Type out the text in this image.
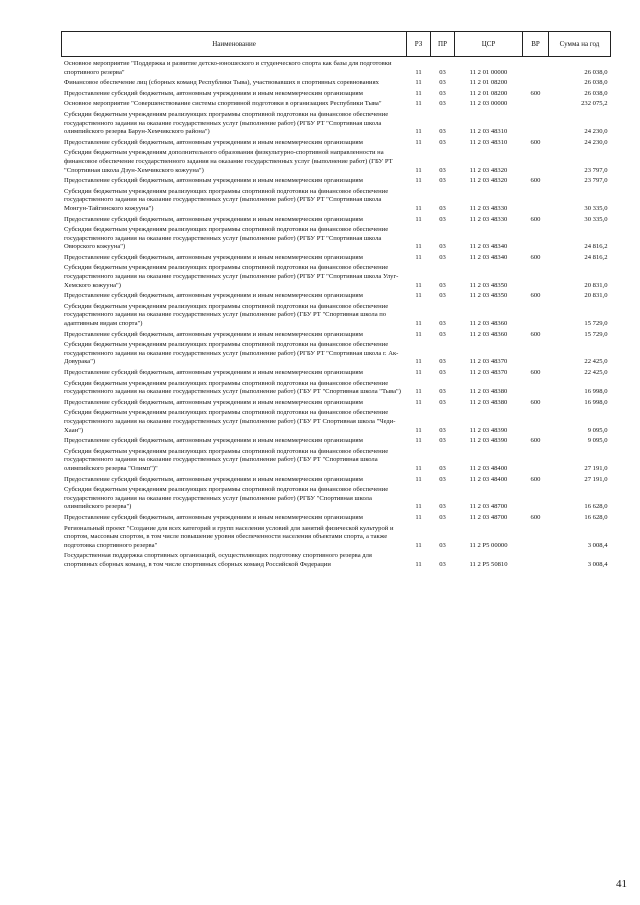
Наименование	РЗ	ПР	ЦСР	ВР	Сумма на год
Основное мероприятие "Поддержка и развитие детско-юношеского и студенческого спорта как базы для подготовки спортивного резерва"	11	03	11 2 01 00000		26 038,0
Финансовое обеспечение лиц (сборных команд Республики Тыва), участвовавших в спортивных соревнованиях	11	03	11 2 01 08200		26 038,0
Предоставление субсидий бюджетным, автономным учреждениям и иным некоммерческим организациям	11	03	11 2 01 08200	600	26 038,0
Основное мероприятие "Совершенствование системы спортивной подготовки в организациях Республики Тыва"	11	03	11 2 03 00000		232 075,2
Субсидии бюджетным учреждениям реализующих программы спортивной подготовки на финансовое обеспечение государственного задания на оказание государственных услуг (выполнение работ) (РГБУ РТ "Спортивная школа олимпийского резерва Барун-Хемчикского района")	11	03	11 2 03 48310		24 230,0
Предоставление субсидий бюджетным, автономным учреждениям и иным некоммерческим организациям	11	03	11 2 03 48310	600	24 230,0
Субсидии бюджетным учреждениям дополнительного образования физкультурно-спортивной направленности на финансовое обеспечение государственного задания на оказание государственных услуг (выполнение работ) (ГБУ РТ "Спортивная школа Дзун-Хемчикского кожууна")	11	03	11 2 03 48320		23 797,0
Предоставление субсидий бюджетным, автономным учреждениям и иным некоммерческим организациям	11	03	11 2 03 48320	600	23 797,0
Субсидии бюджетным учреждениям реализующих программы спортивной подготовки на финансовое обеспечение государственного задания на оказание государственных услуг (выполнение работ) (РГБУ РТ "Спортивная школа Монгун-Тайгинского кожууна")	11	03	11 2 03 48330		30 335,0
Предоставление субсидий бюджетным, автономным учреждениям и иным некоммерческим организациям	11	03	11 2 03 48330	600	30 335,0
Субсидии бюджетным учреждениям реализующих программы спортивной подготовки на финансовое обеспечение государственного задания на оказание государственных услуг (выполнение работ) (РГБУ РТ "Спортивная школа Овюрского кожууна")	11	03	11 2 03 48340		24 816,2
Предоставление субсидий бюджетным, автономным учреждениям и иным некоммерческим организациям	11	03	11 2 03 48340	600	24 816,2
Субсидии бюджетным учреждениям реализующих программы спортивной подготовки на финансовое обеспечение государственного задания на оказание государственных услуг (выполнение работ) (РГБУ РТ "Спортивная школа Улуг-Хемского кожууна")	11	03	11 2 03 48350		20 831,0
Предоставление субсидий бюджетным, автономным учреждениям и иным некоммерческим организациям	11	03	11 2 03 48350	600	20 831,0
Субсидии бюджетным учреждениям реализующих программы спортивной подготовки на финансовое обеспечение государственного задания на оказание государственных услуг (выполнение работ) (ГБУ РТ "Спортивная школа по адаптивным видам спорта")	11	03	11 2 03 48360		15 729,0
Предоставление субсидий бюджетным, автономным учреждениям и иным некоммерческим организациям	11	03	11 2 03 48360	600	15 729,0
Субсидии бюджетным учреждениям реализующих программы спортивной подготовки на финансовое обеспечение государственного задания на оказание государственных услуг (выполнение работ) (РГБУ РТ "Спортивная школа г. Ак-Довурака")	11	03	11 2 03 48370		22 425,0
Предоставление субсидий бюджетным, автономным учреждениям и иным некоммерческим организациям	11	03	11 2 03 48370	600	22 425,0
Субсидии бюджетным учреждениям реализующих программы спортивной подготовки на финансовое обеспечение государственного задания на оказание государственных услуг (выполнение работ) (ГБУ РТ "Спортивная школа "Тыва")	11	03	11 2 03 48380		16 998,0
Предоставление субсидий бюджетным, автономным учреждениям и иным некоммерческим организациям	11	03	11 2 03 48380	600	16 998,0
Субсидии бюджетным учреждениям реализующих программы спортивной подготовки на финансовое обеспечение государственного задания на оказание государственных услуг (выполнение работ) (ГБУ РТ Спортивная школа "Чеди-Хаан")	11	03	11 2 03 48390		9 095,0
Предоставление субсидий бюджетным, автономным учреждениям и иным некоммерческим организациям	11	03	11 2 03 48390	600	9 095,0
Субсидии бюджетным учреждениям реализующих программы спортивной подготовки на финансовое обеспечение государственного задания на оказание государственных услуг (выполнение работ) (ГБУ РТ "Спортивная школа олимпийского резерва "Олимп")"	11	03	11 2 03 48400		27 191,0
Предоставление субсидий бюджетным, автономным учреждениям и иным некоммерческим организациям	11	03	11 2 03 48400	600	27 191,0
Субсидии бюджетным учреждениям реализующих программы спортивной подготовки на финансовое обеспечение государственного задания на оказание государственных услуг (выполнение работ) (РГБУ "Спортивная школа олимпийского резерва")	11	03	11 2 03 48700		16 628,0
Предоставление субсидий бюджетным, автономным учреждениям и иным некоммерческим организациям	11	03	11 2 03 48700	600	16 628,0
Региональный проект "Создание для всех категорий и групп населения условий для занятий физической культурой и спортом, массовым спортом, в том числе повышение уровня обеспеченности населения объектами спорта, а также подготовка спортивного резерва"	11	03	11 2 P5 00000		3 008,4
Государственная поддержка спортивных организаций, осуществляющих подготовку спортивного резерва для спортивных сборных команд, в том числе спортивных сборных команд Российской Федерации	11	03	11 2 P5 50810		3 008,4
41
